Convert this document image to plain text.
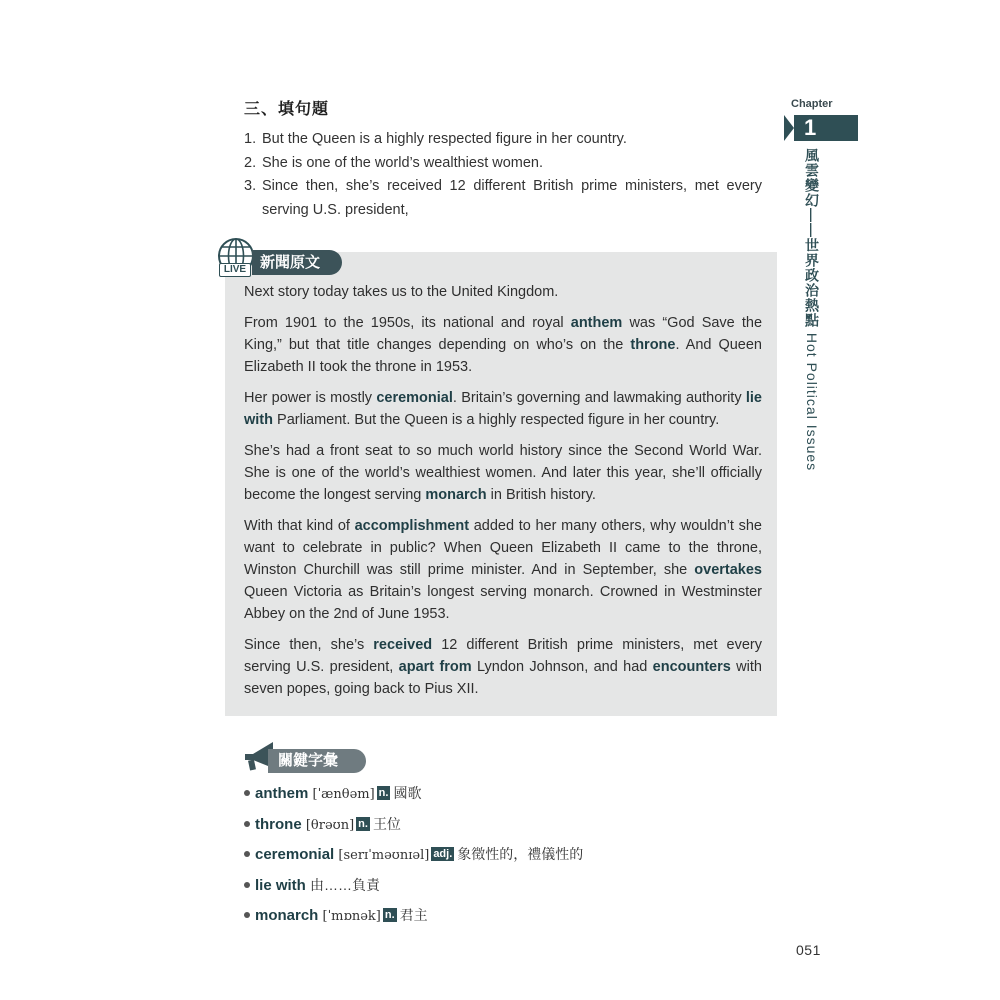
三、填句題
1. But the Queen is a highly respected figure in her country.
2. She is one of the world’s wealthiest women.
3. Since then, she’s received 12 different British prime ministers, met every serving U.S. president,
LIVE 新聞原文

Next story today takes us to the United Kingdom.

From 1901 to the 1950s, its national and royal anthem was “God Save the King,” but that title changes depending on who’s on the throne. And Queen Elizabeth II took the throne in 1953.

Her power is mostly ceremonial. Britain’s governing and lawmaking authority lie with Parliament. But the Queen is a highly respected figure in her country.

She’s had a front seat to so much world history since the Second World War. She is one of the world’s wealthiest women. And later this year, she’ll officially become the longest serving monarch in British history.

With that kind of accomplishment added to her many others, why wouldn’t she want to celebrate in public? When Queen Elizabeth II came to the throne, Winston Churchill was still prime minister. And in September, she overtakes Queen Victoria as Britain’s longest serving monarch. Crowned in Westminster Abbey on the 2nd of June 1953.

Since then, she’s received 12 different British prime ministers, met every serving U.S. president, apart from Lyndon Johnson, and had encounters with seven popes, going back to Pius XII.

關鍵字彙
anthem [ˈænθəm] n. 國歌
throne [θrəʊn] n. 王位
ceremonial [serɪˈməʊnɪəl] adj. 象徵性的，禮儀性的
lie with 由……負責
monarch [ˈmɒnək] n. 君主
Chapter
1
風雲變幻——世界政治熱點 Hot Political Issues
051
